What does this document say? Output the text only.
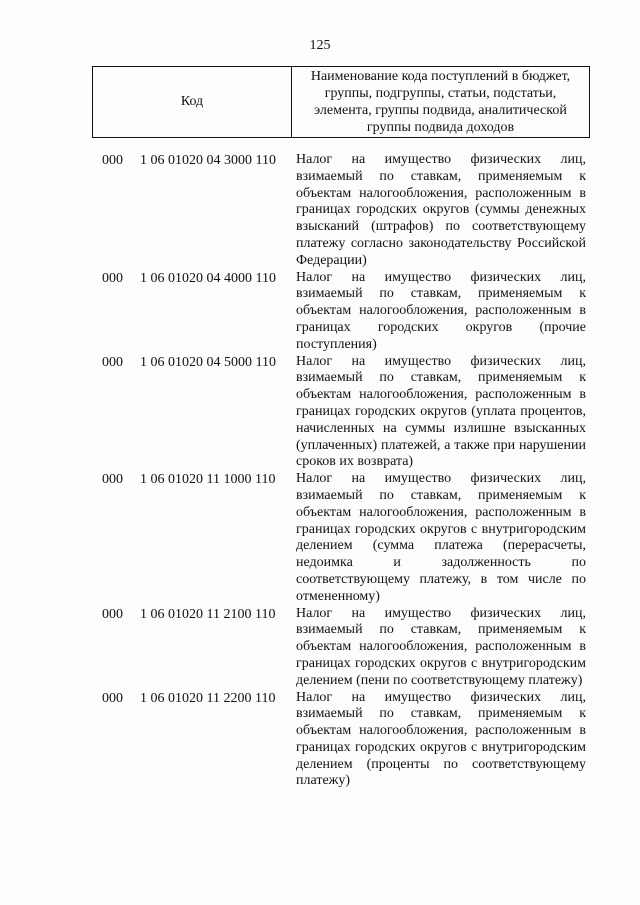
125
Код
Наименование кода поступлений в бюджет, группы, подгруппы, статьи, подстатьи, элемента, группы подвида, аналитической группы подвида доходов
000 1 06 01020 04 3000 110 Налог на имущество физических лиц, взимаемый по ставкам, применяемым к объектам налогообложения, расположенным в границах городских округов (суммы денежных взысканий (штрафов) по соответствующему платежу согласно законодательству Российской Федерации)
000 1 06 01020 04 4000 110 Налог на имущество физических лиц, взимаемый по ставкам, применяемым к объектам налогообложения, расположенным в границах городских округов (прочие поступления)
000 1 06 01020 04 5000 110 Налог на имущество физических лиц, взимаемый по ставкам, применяемым к объектам налогообложения, расположенным в границах городских округов (уплата процентов, начисленных на суммы излишне взысканных (уплаченных) платежей, а также при нарушении сроков их возврата)
000 1 06 01020 11 1000 110 Налог на имущество физических лиц, взимаемый по ставкам, применяемым к объектам налогообложения, расположенным в границах городских округов с внутригородским делением (сумма платежа (перерасчеты, недоимка и задолженность по соответствующему платежу, в том числе по отмененному)
000 1 06 01020 11 2100 110 Налог на имущество физических лиц, взимаемый по ставкам, применяемым к объектам налогообложения, расположенным в границах городских округов с внутригородским делением (пени по соответствующему платежу)
000 1 06 01020 11 2200 110 Налог на имущество физических лиц, взимаемый по ставкам, применяемым к объектам налогообложения, расположенным в границах городских округов с внутригородским делением (проценты по соответствующему платежу)
